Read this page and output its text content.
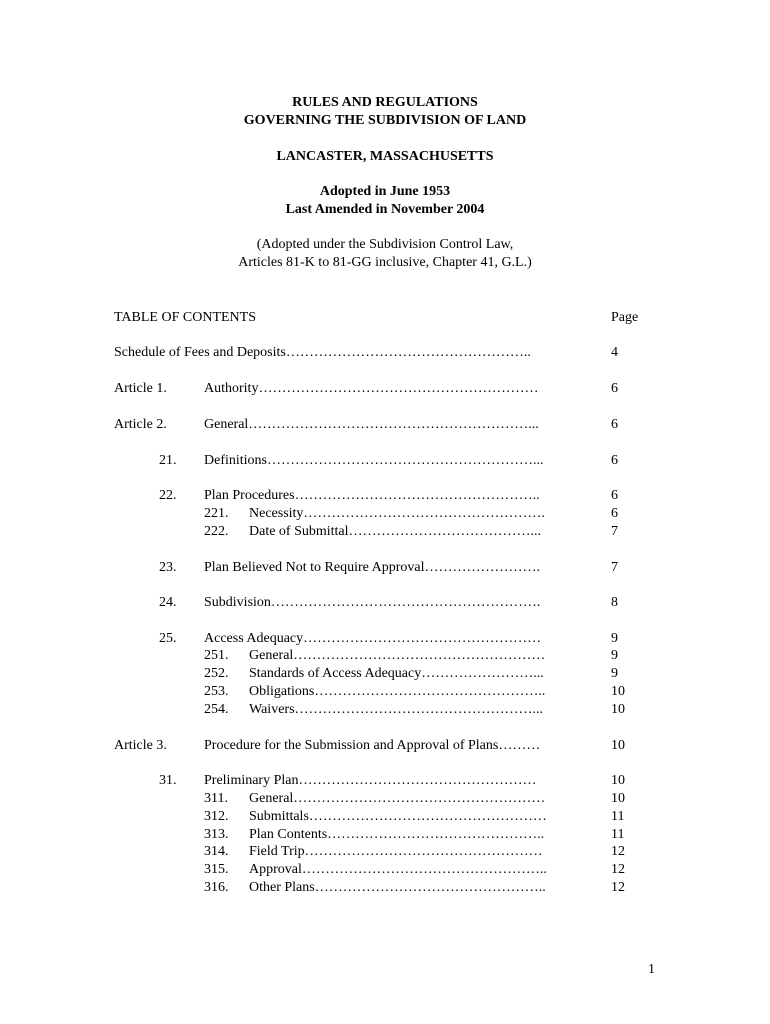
RULES AND REGULATIONS
GOVERNING THE SUBDIVISION OF LAND
LANCASTER, MASSACHUSETTS
Adopted in June 1953
Last Amended in November 2004
(Adopted under the Subdivision Control Law,
Articles 81-K to 81-GG inclusive, Chapter 41, G.L.)
TABLE OF CONTENTS	Page
Schedule of Fees and Deposits……………………………………………..	4
Article 1.	Authority……………………………………………………	6
Article 2.	General……………………………………………………...	6
21. Definitions…………………………………………………...	6
22. Plan Procedures……………………………………………..	6
221. Necessity…………………………………………….	6
222. Date of Submittal…………………………………...	7
23. Plan Believed Not to Require Approval…………………….	7
24. Subdivision………………………………………………….	8
25. Access Adequacy……………………………………………	9
251. General………………………………………………	9
252. Standards of Access Adequacy……………………...	9
253. Obligations…………………………………………..	10
254. Waivers……………………………………………...	10
Article 3.	Procedure for the Submission and Approval of Plans………	10
31. Preliminary Plan……………………………………………	10
311. General………………………………………………	10
312. Submittals……………………………………………	11
313. Plan Contents………………………………………..	11
314. Field Trip……………………………………………	12
315. Approval……………………………………………..	12
316. Other Plans…………………………………………..	12
1
